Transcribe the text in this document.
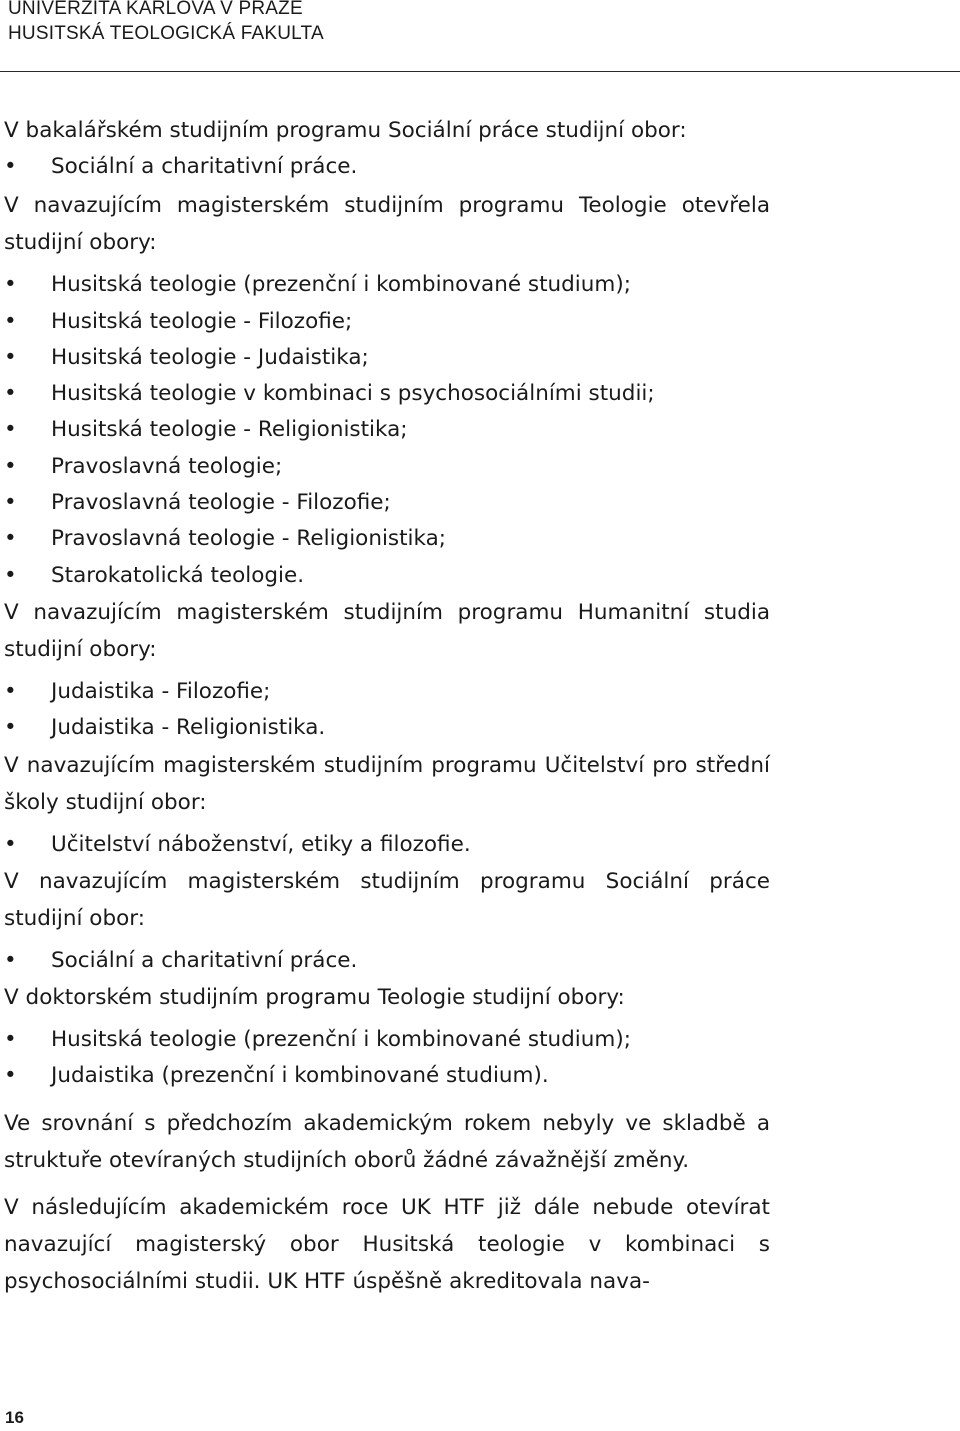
UNIVERZITA KARLOVA V PRAZE
HUSITSKÁ TEOLOGICKÁ FAKULTA

V bakalářském studijním programu Sociální práce studijní obor:

• Sociální a charitativní práce.

V navazujícím magisterském studijním programu Teologie otevřela studijní obory:

• Husitská teologie (prezenční i kombinované studium);
• Husitská teologie - Filozofie;
• Husitská teologie - Judaistika;
• Husitská teologie v kombinaci s psychosociálními studii;
• Husitská teologie - Religionistika;
• Pravoslavná teologie;
• Pravoslavná teologie - Filozofie;
• Pravoslavná teologie - Religionistika;
• Starokatolická teologie.

V navazujícím magisterském studijním programu Humanitní studia studijní obory:

• Judaistika - Filozofie;
• Judaistika - Religionistika.

V navazujícím magisterském studijním programu Učitelství pro střední školy studijní obor:

• Učitelství náboženství, etiky a filozofie.

V navazujícím magisterském studijním programu Sociální práce studijní obor:

• Sociální a charitativní práce.

V doktorském studijním programu Teologie studijní obory:

• Husitská teologie (prezenční i kombinované studium);
• Judaistika (prezenční i kombinované studium).

Ve srovnání s předchozím akademickým rokem nebyly ve skladbě a struktuře otevíraných studijních oborů žádné závažnější změny.

V následujícím akademickém roce UK HTF již dále nebude otevírat navazující magisterský obor Husitská teologie v kombinaci s psychosociálními studii. UK HTF úspěšně akreditovala nava-

16
